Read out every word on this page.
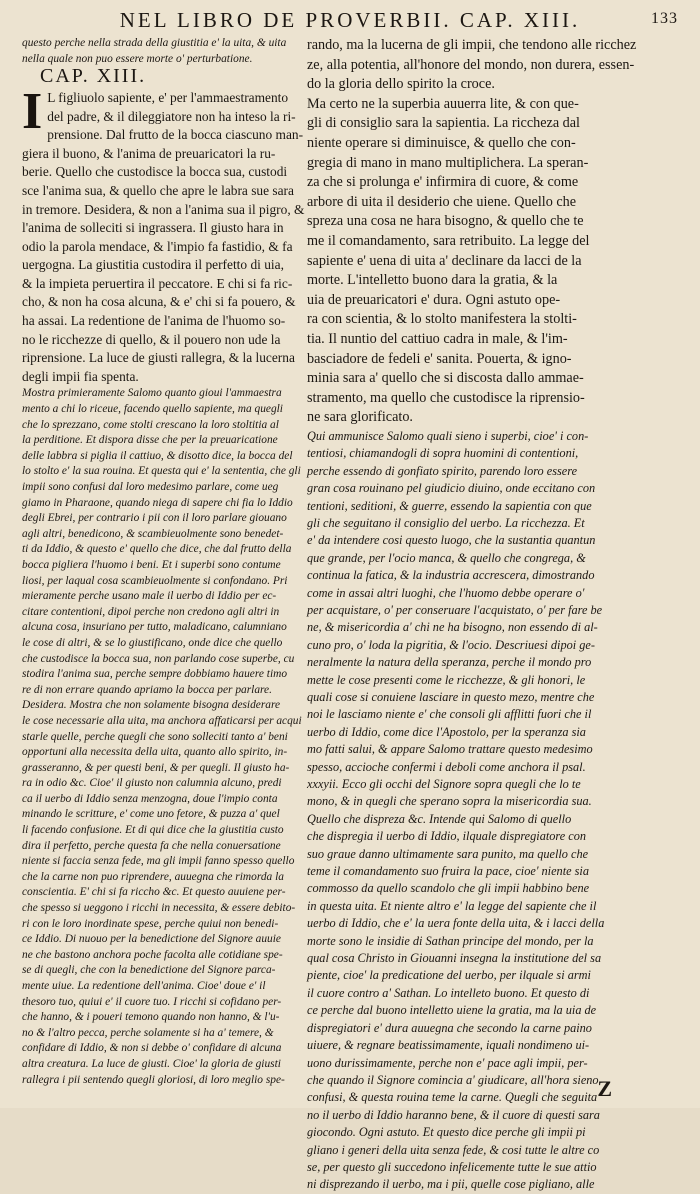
NEL LIBRO DE PROVERBII. CAP. XIII.	133
questo perche nella strada della giustitia e' la uita, & uita
nella quale non puo essere morte o' perturbatione.
CAP. XIII.
I L figliuolo sapiente, e' per l'ammaestramento
del padre, & il dileggiatore non ha inteso la ri-
prensione. Dal frutto de la bocca ciascuno man-
giera il buono, & l'anima de preuaricatori la ru-
berie. Quello che custodisce la bocca sua, custodi
sce l'anima sua, & quello che apre le labra sue sara
in tremore. Desidera, & non a l'anima sua il pigro, &
l'anima de solleciti si ingrassera. Il giusto hara in
odio la parola mendace, & l'impio fa fastidio, & fa
uergogna. La giustitia custodira il perfetto di uia,
& la impieta peruertira il peccatore. E chi si fa ric-
cho, & non ha cosa alcuna, & e' chi si fa pouero, &
ha assai. La redentione de l'anima de l'huomo so-
no le ricchezze di quello, & il pouero non ude la
riprensione. La luce de giusti rallegra, & la lucerna
degli impii fia spenta.
Mostra primieramente Salomo quanto gioui l'ammaestra
mento a chi lo riceue, facendo quello sapiente, ma quegli
che lo sprezzano, come stolti crescano la loro stoltitia al
la perditione. Et dispora disse che per la preuaricatione
delle labbra si piglia il cattiuo, & disotto dice, la bocca del
lo stolto e' la sua rouina. Et questa qui e' la sententia, che gli
impii sono confusi dal loro medesimo parlare, come ueg
giamo in Pharaone, quando niega di sapere chi fia lo Iddio
degli Ebrei, per contrario i pii con il loro parlare giouano
agli altri, benedicono, & scambieuolmente sono benedet-
ti da Iddio, & questo e' quello che dice, che dal frutto della
bocca pigliera l'huomo i beni. Et i superbi sono contume
liosi, per laqual cosa scambieuolmente si confondano. Pri
mieramente perche usano male il uerbo di Iddio per ec-
citare contentioni, dipoi perche non credono agli altri in
alcuna cosa, insuriano per tutto, maladicano, calumniano
le cose di altri, & se lo giustificano, onde dice che quello
che custodisce la bocca sua, non parlando cose superbe, cu
stodira l'anima sua, perche sempre dobbiamo hauere timo
re di non errare quando apriamo la bocca per parlare.
Desidera. Mostra che non solamente bisogna desiderare
le cose necessarie alla uita, ma anchora affaticarsi per acqui
starle quelle, perche quegli che sono solleciti tanto a' beni
opportuni alla necessita della uita, quanto allo spirito, in-
grasseranno, & per questi beni, & per quegli. Il giusto ha-
ra in odio &c. Cioe' il giusto non calumnia alcuno, predi
ca il uerbo di Iddio senza menzogna, doue l'impio conta
minando le scritture, e' come uno fetore, & puzza a' quel
li facendo confusione. Et di qui dice che la giustitia custo
dira il perfetto, perche questa fa che nella conuersatione
niente si faccia senza fede, ma gli impii fanno spesso quello
che la carne non puo riprendere, auuegna che rimorda la
conscientia. E' chi si fa riccho &c. Et questo auuiene per-
che spesso si ueggono i ricchi in necessita, & essere debito-
ri con le loro inordinate spese, perche quiui non benedi-
ce Iddio. Di nuouo per la benedictione del Signore auuie
ne che bastono anchora poche facolta alle cotidiane spe-
se di quegli, che con la benedictione del Signore parca-
mente uiue. La redentione dell'anima. Cioe' doue e' il
thesoro tuo, quiui e' il cuore tuo. I ricchi si cofidano per-
che hanno, & i poueri temono quando non hanno, & l'u-
no & l'altro pecca, perche solamente si ha a' temere, &
confidare di Iddio, & non si debbe o' confidare di alcuna
altra creatura. La luce de giusti. Cioe' la gloria de giusti
rallegra i pii sentendo quegli gloriosi, di loro meglio spe-
rando, ma la lucerna de gli impii, che tendono alle ricchez
ze, alla potentia, all'honore del mondo, non durera, essen-
do la gloria dello spirito la croce.
Ma certo ne la superbia auuerra lite, & con que-
gli di consiglio sara la sapientia. La riccheza dal
niente operare si diminuisce, & quello che con-
gregia di mano in mano multiplichera. La speran-
za che si prolunga e' infirmira di cuore, & come
arbore di uita il desiderio che uiene. Quello che
spreza una cosa ne hara bisogno, & quello che te
me il comandamento, sara retribuito. La legge del
sapiente e' uena di uita a' declinare da lacci de la
morte. L'intelletto buono dara la gratia, & la
uia de preuaricatori e' dura. Ogni astuto ope-
ra con scientia, & lo stolto manifestera la stolti-
tia. Il nuntio del cattiuo cadra in male, & l'im-
basciadore de fedeli e' sanita. Pouerta, & igno-
minia sara a' quello che si discosta dallo ammae-
stramento, ma quello che custodisce la riprensio-
ne sara glorificato.
Qui ammunisce Salomo quali sieno i superbi, cioe' i con-
tentiosi, chiamandogli di sopra huomini di contentioni,
perche essendo di gonfiato spirito, parendo loro essere
gran cosa rouinano pel giudicio diuino, onde eccitano con
tentioni, seditioni, & guerre, essendo la sapientia con que
gli che seguitano il consiglio del uerbo. La ricchezza. Et
e' da intendere cosi questo luogo, che la sustantia quantun
que grande, per l'ocio manca, & quello che congrega, &
continua la fatica, & la industria accrescera, dimostrando
come in assai altri luoghi, che l'huomo debbe operare o'
per acquistare, o' per conseruare l'acquistato, o' per fare be
ne, & misericordia a' chi ne ha bisogno, non essendo di al-
cuno pro, o' loda la pigritia, & l'ocio. Descriuesi dipoi ge-
neralmente la natura della speranza, perche il mondo pro
mette le cose presenti come le ricchezze, & gli honori, le
quali cose si conuiene lasciare in questo mezo, mentre che
noi le lasciamo niente e' che consoli gli afflitti fuori che il
uerbo di Iddio, come dice l'Apostolo, per la speranza sia
mo fatti salui, & appare Salomo trattare questo medesimo
spesso, accioche confermi i deboli come anchora il psal.
xxxyii. Ecco gli occhi del Signore sopra quegli che lo te
mono, & in quegli che sperano sopra la misericordia sua.
Quello che dispreza &c. Intende qui Salomo di quello
che dispregia il uerbo di Iddio, ilquale dispregiatore con
suo graue danno ultimamente sara punito, ma quello che
teme il comandamento suo fruira la pace, cioe' niente sia
commosso da quello scandolo che gli impii habbino bene
in questa uita. Et niente altro e' la legge del sapiente che il
uerbo di Iddio, che e' la uera fonte della uita, & i lacci della
morte sono le insidie di Sathan principe del mondo, per la
qual cosa Christo in Giouanni insegna la institutione del sa
piente, cioe' la predicatione del uerbo, per ilquale si armi
il cuore contro a' Sathan. Lo intelleto buono. Et questo di
ce perche dal buono intelletto uiene la gratia, ma la uia de
dispregiatori e' dura auuegna che secondo la carne paino
uiuere, & regnare beatissimamente, iquali nondimeno ui-
uono durissimamente, perche non e' pace agli impii, per-
che quando il Signore comincia a' giudicare, all'hora sieno
confusi, & questa rouina teme la carne. Quegli che seguita
no il uerbo di Iddio haranno bene, & il cuore di questi sara
giocondo. Ogni astuto. Et questo dice perche gli impii pi
gliano i generi della uita senza fede, & cosi tutte le altre co
se, per questo gli succedono infelicemente tutte le sue attio
ni disprezando il uerbo, ma i pii, quelle cose pigliano, alle
Z
